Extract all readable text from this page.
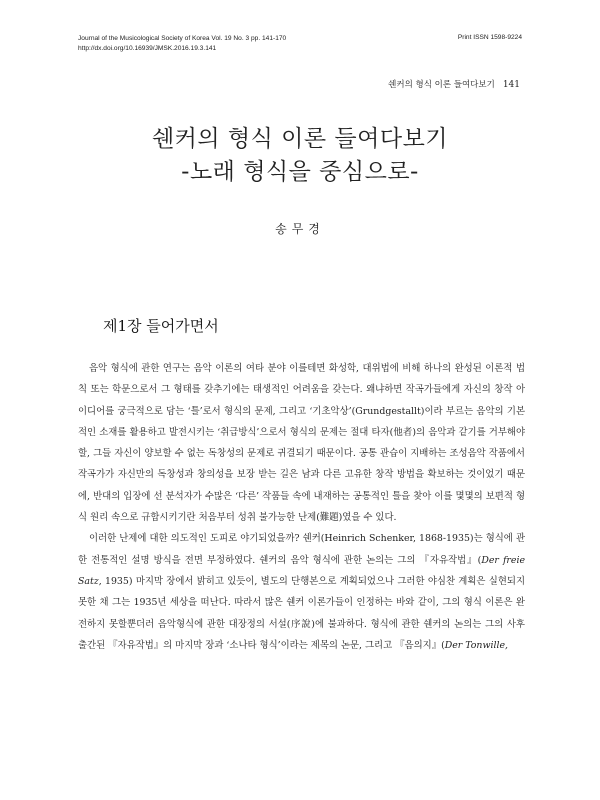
Journal of the Musicological Society of Korea Vol. 19 No. 3 pp. 141-170
http://dx.doi.org/10.16939/JMSK.2016.19.3.141
Print ISSN 1598-9224
쉔커의 형식 이론 들여다보기 141
쉔커의 형식 이론 들여다보기
-노래 형식을 중심으로-
송무경
제1장 들어가면서

음악 형식에 관한 연구는 음악 이론의 여타 분야 이를테면 화성학, 대위법에 비해 하나의 완성된 이론적 법칙 또는 학문으로서 그 형태를 갖추기에는 태생적인 어려움을 갖는다. 왜냐하면 작곡가들에게 자신의 창작 아이디어를 궁극적으로 담는 ‘틀’로서 형식의 문제, 그리고 ‘기초악상’(Grundgestallt)이라 부르는 음악의 기본적인 소재를 활용하고 발전시키는 ‘취급방식’으로서 형식의 문제는 절대 타자(他者)의 음악과 같기를 거부해야 할, 그들 자신이 양보할 수 없는 독창성의 문제로 귀결되기 때문이다. 공통 관습이 지배하는 조성음악 작품에서 작곡가가 자신만의 독창성과 창의성을 보장 받는 길은 남과 다른 고유한 창작 방법을 확보하는 것이었기 때문에, 반대의 입장에 선 분석자가 수많은 ‘다른’ 작품들 속에 내재하는 공통적인 틀을 찾아 이를 몇몇의 보편적 형식 원리 속으로 규합시키기란 처음부터 성취 불가능한 난제(難題)였을 수 있다.

이러한 난제에 대한 의도적인 도피로 야기되었을까? 쉔커(Heinrich Schenker, 1868-1935)는 형식에 관한 전통적인 설명 방식을 전면 부정하였다. 쉔커의 음악 형식에 관한 논의는 그의 『자유작법』(Der freie Satz, 1935) 마지막 장에서 밝히고 있듯이, 별도의 단행본으로 계획되었으나 그러한 야심찬 계획은 실현되지 못한 채 그는 1935년 세상을 떠난다. 따라서 많은 쉔커 이론가들이 인정하는 바와 같이, 그의 형식 이론은 완전하지 못할뿐더러 음악형식에 관한 대장정의 서설(序說)에 불과하다. 형식에 관한 쉔커의 논의는 그의 사후 출간된 『자유작법』의 마지막 장과 ‘소나타 형식’이라는 제목의 논문, 그리고 『음의지』(Der Tonwille,
